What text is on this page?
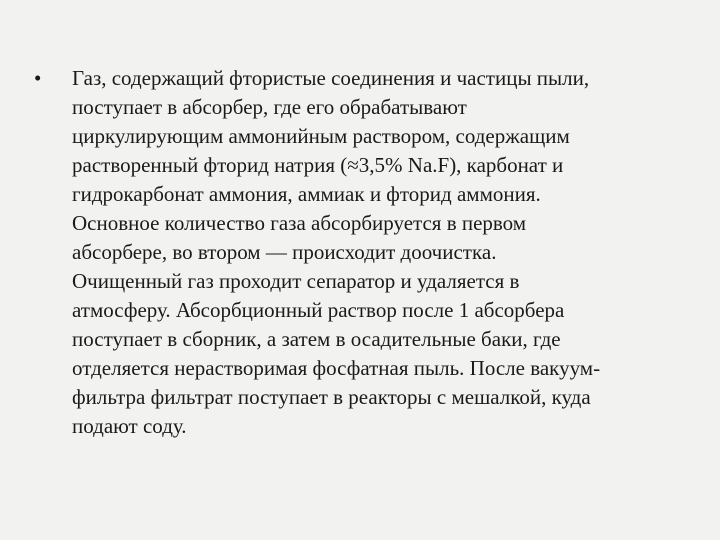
•	Газ, содержащий фтористые соединения и частицы пыли,
поступает в абсорбер, где его обрабатывают
циркулирующим аммонийным раствором, содержащим
растворенный фторид натрия (≈3,5% Na.F), карбонат и
гидрокарбонат аммония, аммиак и фторид аммония.
Основное количество газа абсорбируется в первом
абсорбере, во втором — происходит доочистка.
Очищенный газ проходит сепаратор и удаляется в
атмосферу. Абсорбционный раствор после 1 абсорбера
поступает в сборник, а затем в осадительные баки, где
отделяется нерастворимая фосфатная пыль. После вакуум-
фильтра фильтрат поступает в реакторы с мешалкой, куда
подают соду.
